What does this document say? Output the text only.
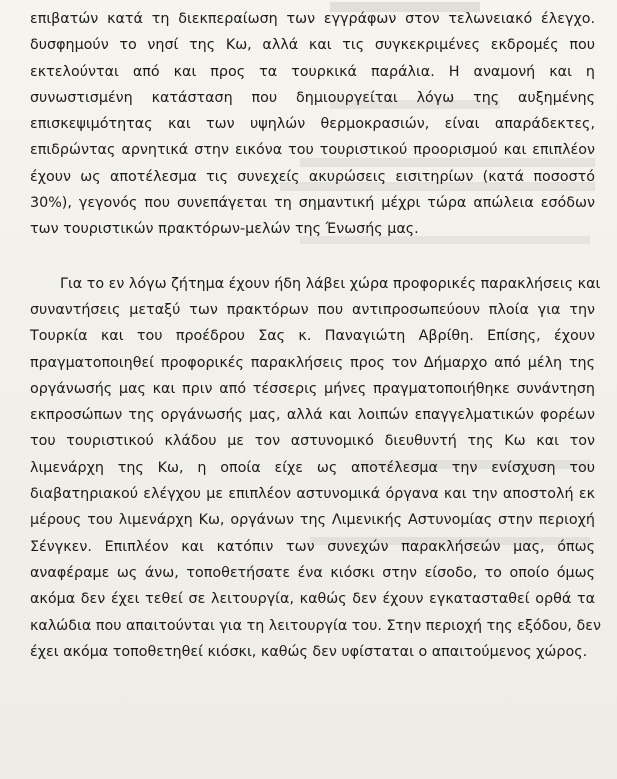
επιβατών κατά τη διεκπεραίωση των εγγράφων στον τελωνειακό έλεγχο.
δυσφημούν το νησί της Κω, αλλά και τις συγκεκριμένες εκδρομές που
εκτελούνται από και προς τα τουρκικά παράλια. Η αναμονή και η
συνωστισμένη κατάσταση που δημιουργείται λόγω της αυξημένης
επισκεψιμότητας και των υψηλών θερμοκρασιών, είναι απαράδεκτες,
επιδρώντας αρνητικά στην εικόνα του τουριστικού προορισμού και επιπλέον
έχουν ως αποτέλεσμα τις συνεχείς ακυρώσεις εισιτηρίων (κατά ποσοστό
30%), γεγονός που συνεπάγεται τη σημαντική μέχρι τώρα απώλεια εσόδων
των τουριστικών πρακτόρων-μελών της Ένωσής μας.

Για το εν λόγω ζήτημα έχουν ήδη λάβει χώρα προφορικές παρακλήσεις και
συναντήσεις μεταξύ των πρακτόρων που αντιπροσωπεύουν πλοία για την
Τουρκία και του προέδρου Σας κ. Παναγιώτη Αβρίθη. Επίσης, έχουν
πραγματοποιηθεί προφορικές παρακλήσεις προς τον Δήμαρχο από μέλη της
οργάνωσής μας και πριν από τέσσερις μήνες πραγματοποιήθηκε συνάντηση
εκπροσώπων της οργάνωσής μας, αλλά και λοιπών επαγγελματικών φορέων
του τουριστικού κλάδου με τον αστυνομικό διευθυντή της Κω και τον
λιμενάρχη της Κω, η οποία είχε ως αποτέλεσμα την ενίσχυση του
διαβατηριακού ελέγχου με επιπλέον αστυνομικά όργανα και την αποστολή εκ
μέρους του λιμενάρχη Κω, οργάνων της Λιμενικής Αστυνομίας στην περιοχή
Σένγκεν. Επιπλέον και κατόπιν των συνεχών παρακλήσεών μας, όπως
αναφέραμε ως άνω, τοποθετήσατε ένα κιόσκι στην είσοδο, το οποίο όμως
ακόμα δεν έχει τεθεί σε λειτουργία, καθώς δεν έχουν εγκατασταθεί ορθά τα
καλώδια που απαιτούνται για τη λειτουργία του. Στην περιοχή της εξόδου, δεν
έχει ακόμα τοποθετηθεί κιόσκι, καθώς δεν υφίσταται ο απαιτούμενος χώρος.
